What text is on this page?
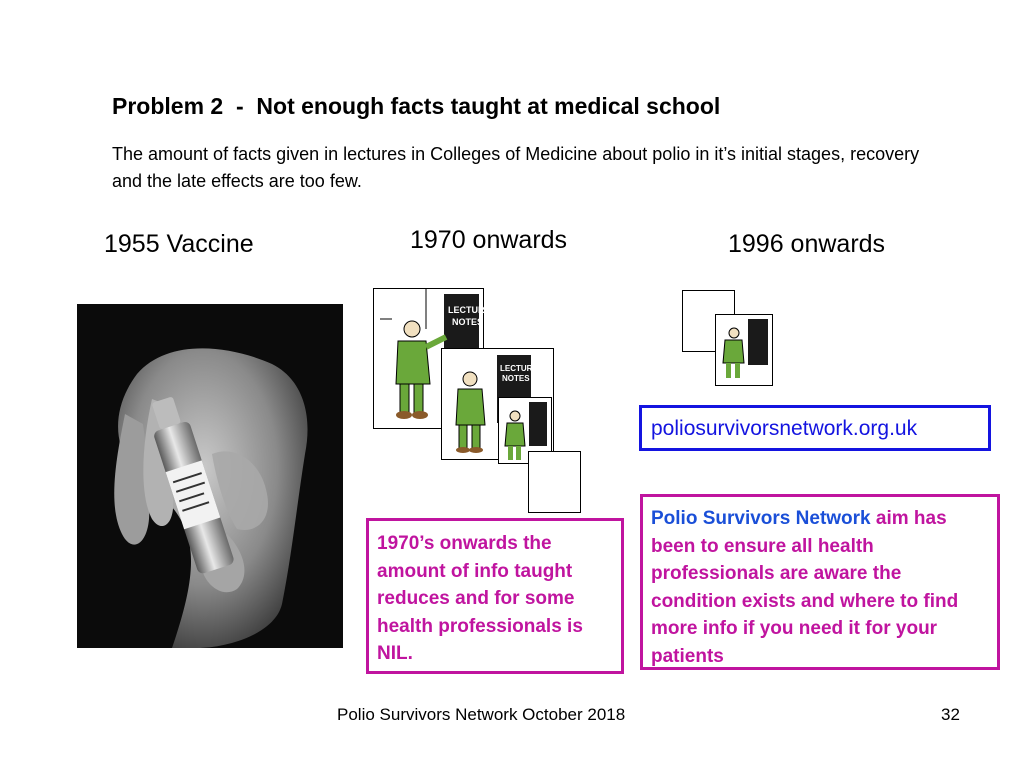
Problem 2  -  Not enough facts taught at medical school
The amount of facts given in lectures in Colleges of Medicine about polio in it’s initial stages, recovery and the late effects are too few.
1955 Vaccine	1970 onwards	1996 onwards
LECTURE
NOTES
LECTURE
NOTES
poliosurvivorsnetwork.org.uk
1970’s onwards the amount of info taught reduces and for some health professionals is NIL.
Polio Survivors Network aim has been to ensure all health professionals are aware the condition exists and where to find more info if you need it for your patients
Polio Survivors Network October 2018	32
